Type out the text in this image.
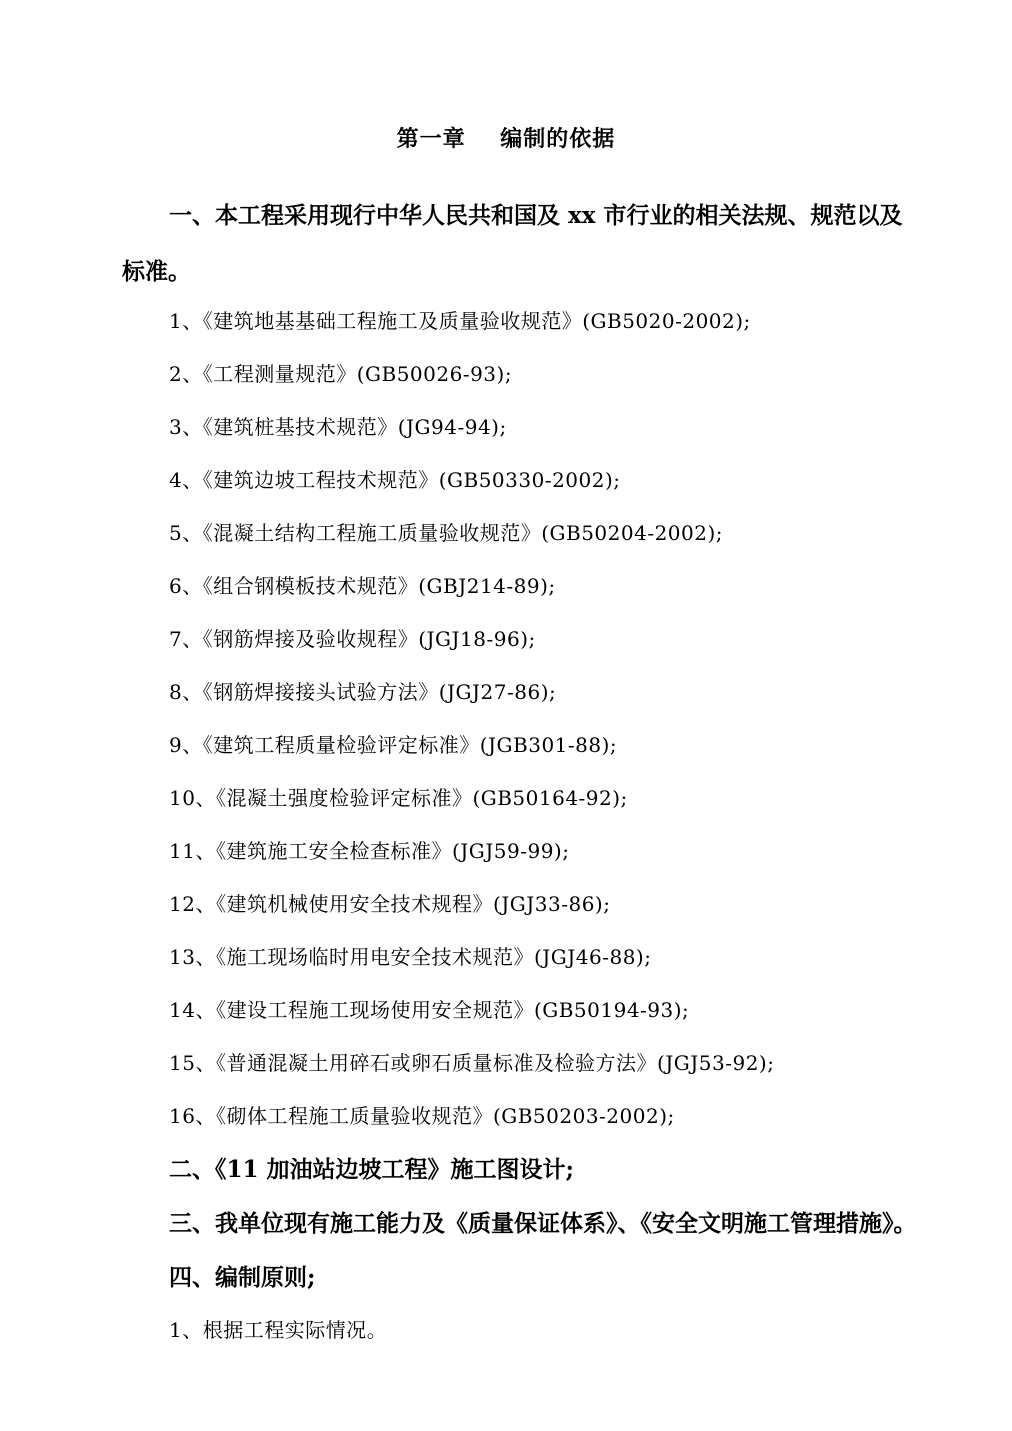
第一章    编制的依据
一、本工程采用现行中华人民共和国及 xx 市行业的相关法规、规范以及
标准。
1、《建筑地基基础工程施工及质量验收规范》(GB5020-2002);
2、《工程测量规范》(GB50026-93);
3、《建筑桩基技术规范》(JG94-94);
4、《建筑边坡工程技术规范》(GB50330-2002);
5、《混凝土结构工程施工质量验收规范》(GB50204-2002);
6、《组合钢模板技术规范》(GBJ214-89);
7、《钢筋焊接及验收规程》(JGJ18-96);
8、《钢筋焊接接头试验方法》(JGJ27-86);
9、《建筑工程质量检验评定标准》(JGB301-88);
10、《混凝土强度检验评定标准》(GB50164-92);
11、《建筑施工安全检查标准》(JGJ59-99);
12、《建筑机械使用安全技术规程》(JGJ33-86);
13、《施工现场临时用电安全技术规范》(JGJ46-88);
14、《建设工程施工现场使用安全规范》(GB50194-93);
15、《普通混凝土用碎石或卵石质量标准及检验方法》(JGJ53-92);
16、《砌体工程施工质量验收规范》(GB50203-2002);
二、《11 加油站边坡工程》施工图设计;
三、我单位现有施工能力及《质量保证体系》、《安全文明施工管理措施》。
四、编制原则;
1、根据工程实际情况。
